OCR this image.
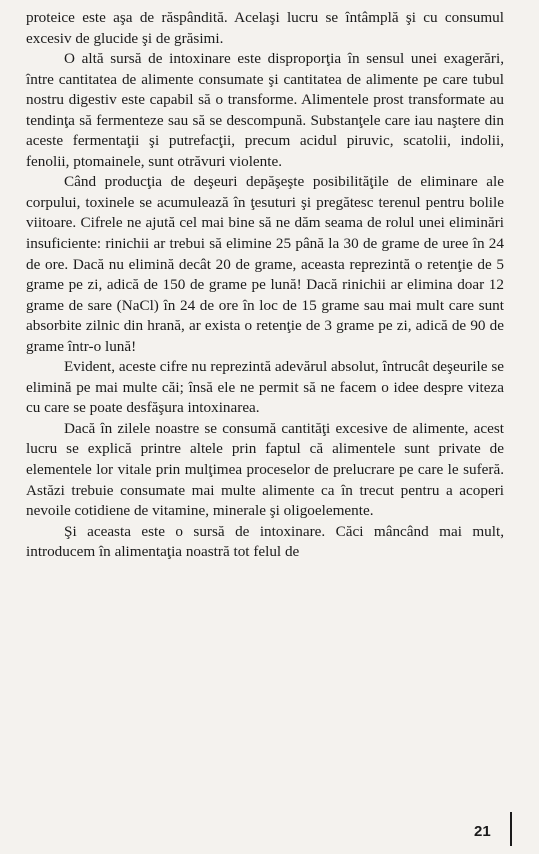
proteice este aşa de răspândită. Acelaşi lucru se întâmplă şi cu consumul excesiv de glucide şi de grăsimi.

O altă sursă de intoxinare este disproporţia în sensul unei exagerări, între cantitatea de alimente consumate şi cantitatea de alimente pe care tubul nostru digestiv este capabil să o transforme. Alimentele prost transformate au tendinţa să fermenteze sau să se descompună. Substanţele care iau naştere din aceste fermentaţii şi putrefacţii, precum acidul piruvic, scatolii, indolii, fenolii, ptomainele, sunt otrăvuri violente.

Când producţia de deşeuri depăşeşte posibilităţile de eliminare ale corpului, toxinele se acumulează în ţesuturi şi pregătesc terenul pentru bolile viitoare. Cifrele ne ajută cel mai bine să ne dăm seama de rolul unei eliminări insuficiente: rinichii ar trebui să elimine 25 până la 30 de grame de uree în 24 de ore. Dacă nu elimină decât 20 de grame, aceasta reprezintă o retenţie de 5 grame pe zi, adică de 150 de grame pe lună! Dacă rinichii ar elimina doar 12 grame de sare (NaCl) în 24 de ore în loc de 15 grame sau mai mult care sunt absorbite zilnic din hrană, ar exista o retenţie de 3 grame pe zi, adică de 90 de grame într-o lună!

Evident, aceste cifre nu reprezintă adevărul absolut, întrucât deşeurile se elimină pe mai multe căi; însă ele ne permit să ne facem o idee despre viteza cu care se poate desfăşura intoxinarea.

Dacă în zilele noastre se consumă cantităţi excesive de alimente, acest lucru se explică printre altele prin faptul că alimentele sunt private de elementele lor vitale prin mulţimea proceselor de prelucrare pe care le suferă. Astăzi trebuie consumate mai multe alimente ca în trecut pentru a acoperi nevoile cotidiene de vitamine, minerale şi oligoelemente.

Şi aceasta este o sursă de intoxinare. Căci mâncând mai mult, introducem în alimentaţia noastră tot felul de

21
